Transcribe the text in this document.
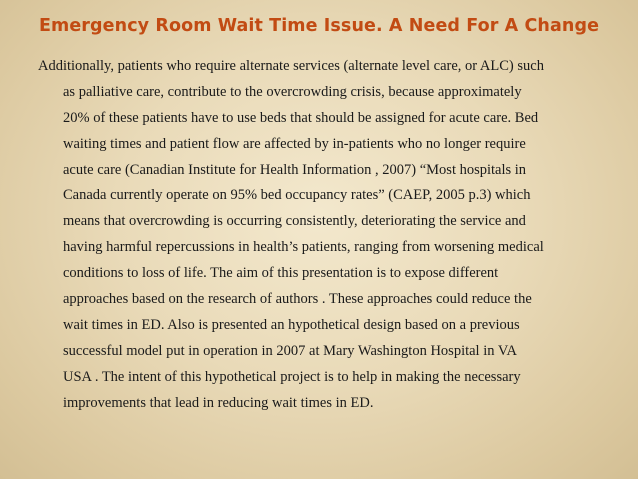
Emergency Room Wait Time Issue. A Need For A Change
Additionally, patients who require alternate services (alternate level care, or ALC) such
as palliative care, contribute to the overcrowding crisis, because approximately
20% of these patients have to use beds that should be assigned for acute care. Bed
waiting times and patient flow are affected by in-patients who no longer require
acute care (Canadian Institute for Health Information , 2007) “Most hospitals in
Canada currently operate on 95% bed occupancy rates” (CAEP, 2005 p.3) which
means that overcrowding is occurring consistently, deteriorating the service and
having harmful repercussions in health’s patients, ranging from worsening medical
conditions to loss of life. The aim of this presentation is to expose different
approaches based on the research of authors . These approaches could reduce the
wait times in ED. Also is presented an hypothetical design based on a previous
successful model put in operation in 2007 at Mary Washington Hospital in VA
USA . The intent of this hypothetical project is to help in making the necessary
improvements that lead in reducing wait times in ED.
